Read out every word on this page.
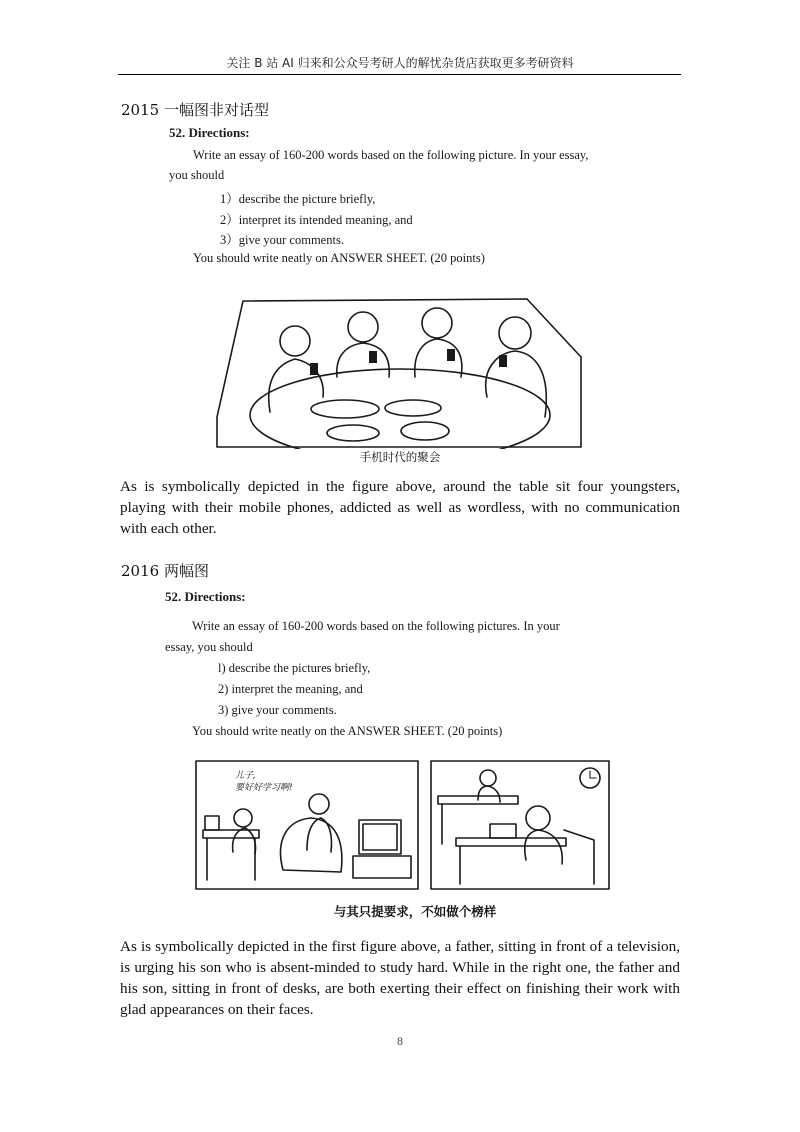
关注 B 站 AI 归来和公众号考研人的解忧杂货店获取更多考研资料
2015 一幅图非对话型
52. Directions:
Write an essay of 160-200 words based on the following picture. In your essay,
you should
1）describe the picture briefly,
2）interpret its intended meaning, and
3）give your comments.
You should write neatly on ANSWER SHEET. (20 points)
手机时代的聚会
As is symbolically depicted in the figure above, around the table sit four youngsters, playing with their mobile phones, addicted as well as wordless, with no communication with each other.
2016 两幅图
52. Directions:
Write an essay of 160-200 words based on the following pictures. In your
essay, you should
l) describe the pictures briefly,
2) interpret the meaning, and
3) give your comments.
You should write neatly on the ANSWER SHEET. (20 points)
儿子,
要好好学习啊!
与其只提要求，不如做个榜样
As is symbolically depicted in the first figure above, a father, sitting in front of a television, is urging his son who is absent-minded to study hard. While in the right one, the father and his son, sitting in front of desks, are both exerting their effect on finishing their work with glad appearances on their faces.
8
